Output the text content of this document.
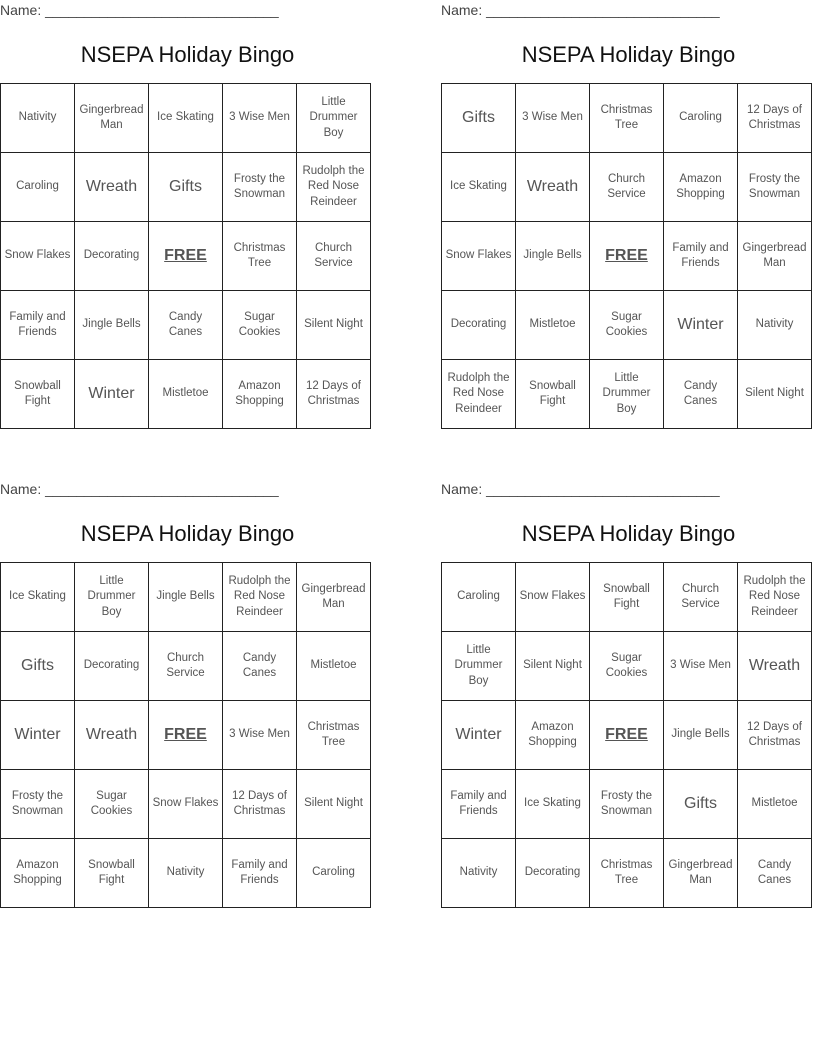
Name: ______________________________
NSEPA Holiday Bingo
Nativity	Gingerbread Man	Ice Skating	3 Wise Men	Little Drummer Boy
Caroling	Wreath	Gifts	Frosty the Snowman	Rudolph the Red Nose Reindeer
Snow Flakes	Decorating	FREE	Christmas Tree	Church Service
Family and Friends	Jingle Bells	Candy Canes	Sugar Cookies	Silent Night
Snowball Fight	Winter	Mistletoe	Amazon Shopping	12 Days of Christmas
Name: ______________________________
NSEPA Holiday Bingo
Gifts	3 Wise Men	Christmas Tree	Caroling	12 Days of Christmas
Ice Skating	Wreath	Church Service	Amazon Shopping	Frosty the Snowman
Snow Flakes	Jingle Bells	FREE	Family and Friends	Gingerbread Man
Decorating	Mistletoe	Sugar Cookies	Winter	Nativity
Rudolph the Red Nose Reindeer	Snowball Fight	Little Drummer Boy	Candy Canes	Silent Night
Name: ______________________________
NSEPA Holiday Bingo
Ice Skating	Little Drummer Boy	Jingle Bells	Rudolph the Red Nose Reindeer	Gingerbread Man
Gifts	Decorating	Church Service	Candy Canes	Mistletoe
Winter	Wreath	FREE	3 Wise Men	Christmas Tree
Frosty the Snowman	Sugar Cookies	Snow Flakes	12 Days of Christmas	Silent Night
Amazon Shopping	Snowball Fight	Nativity	Family and Friends	Caroling
Name: ______________________________
NSEPA Holiday Bingo
Caroling	Snow Flakes	Snowball Fight	Church Service	Rudolph the Red Nose Reindeer
Little Drummer Boy	Silent Night	Sugar Cookies	3 Wise Men	Wreath
Winter	Amazon Shopping	FREE	Jingle Bells	12 Days of Christmas
Family and Friends	Ice Skating	Frosty the Snowman	Gifts	Mistletoe
Nativity	Decorating	Christmas Tree	Gingerbread Man	Candy Canes
